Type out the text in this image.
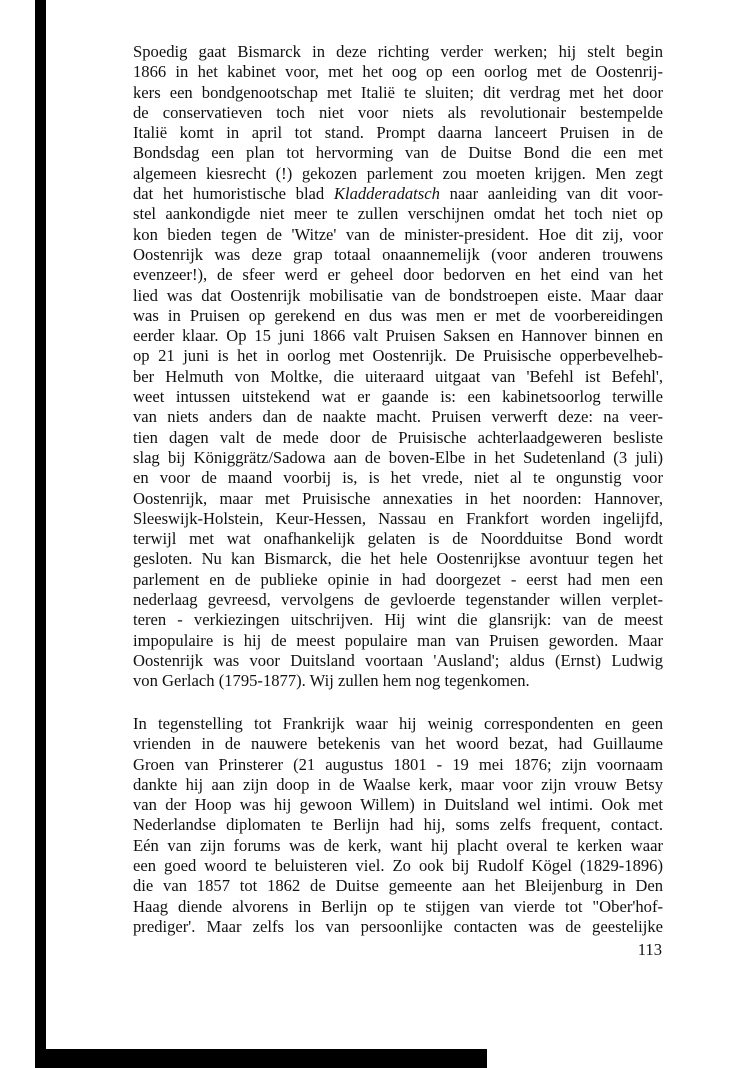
Spoedig gaat Bismarck in deze richting verder werken; hij stelt begin
1866 in het kabinet voor, met het oog op een oorlog met de Oostenrij-
kers een bondgenootschap met Italië te sluiten; dit verdrag met het door
de conservatieven toch niet voor niets als revolutionair bestempelde
Italië komt in april tot stand. Prompt daarna lanceert Pruisen in de
Bondsdag een plan tot hervorming van de Duitse Bond die een met
algemeen kiesrecht (!) gekozen parlement zou moeten krijgen. Men zegt
dat het humoristische blad Kladderadatsch naar aanleiding van dit voor-
stel aankondigde niet meer te zullen verschijnen omdat het toch niet op
kon bieden tegen de 'Witze' van de minister-president. Hoe dit zij, voor
Oostenrijk was deze grap totaal onaannemelijk (voor anderen trouwens
evenzeer!), de sfeer werd er geheel door bedorven en het eind van het
lied was dat Oostenrijk mobilisatie van de bondstroepen eiste. Maar daar
was in Pruisen op gerekend en dus was men er met de voorbereidingen
eerder klaar. Op 15 juni 1866 valt Pruisen Saksen en Hannover binnen en
op 21 juni is het in oorlog met Oostenrijk. De Pruisische opperbevelheb-
ber Helmuth von Moltke, die uiteraard uitgaat van 'Befehl ist Befehl',
weet intussen uitstekend wat er gaande is: een kabinetsoorlog terwille
van niets anders dan de naakte macht. Pruisen verwerft deze: na veer-
tien dagen valt de mede door de Pruisische achterlaadgeweren besliste
slag bij Königgrätz/Sadowa aan de boven-Elbe in het Sudetenland (3 juli)
en voor de maand voorbij is, is het vrede, niet al te ongunstig voor
Oostenrijk, maar met Pruisische annexaties in het noorden: Hannover,
Sleeswijk-Holstein, Keur-Hessen, Nassau en Frankfort worden ingelijfd,
terwijl met wat onafhankelijk gelaten is de Noordduitse Bond wordt
gesloten. Nu kan Bismarck, die het hele Oostenrijkse avontuur tegen het
parlement en de publieke opinie in had doorgezet - eerst had men een
nederlaag gevreesd, vervolgens de gevloerde tegenstander willen verplet-
teren - verkiezingen uitschrijven. Hij wint die glansrijk: van de meest
impopulaire is hij de meest populaire man van Pruisen geworden. Maar
Oostenrijk was voor Duitsland voortaan 'Ausland'; aldus (Ernst) Ludwig
von Gerlach (1795-1877). Wij zullen hem nog tegenkomen.
In tegenstelling tot Frankrijk waar hij weinig correspondenten en geen
vrienden in de nauwere betekenis van het woord bezat, had Guillaume
Groen van Prinsterer (21 augustus 1801 - 19 mei 1876; zijn voornaam
dankte hij aan zijn doop in de Waalse kerk, maar voor zijn vrouw Betsy
van der Hoop was hij gewoon Willem) in Duitsland wel intimi. Ook met
Nederlandse diplomaten te Berlijn had hij, soms zelfs frequent, contact.
Eén van zijn forums was de kerk, want hij placht overal te kerken waar
een goed woord te beluisteren viel. Zo ook bij Rudolf Kögel (1829-1896)
die van 1857 tot 1862 de Duitse gemeente aan het Bleijenburg in Den
Haag diende alvorens in Berlijn op te stijgen van vierde tot "Ober'hof-
prediger'. Maar zelfs los van persoonlijke contacten was de geestelijke
113
